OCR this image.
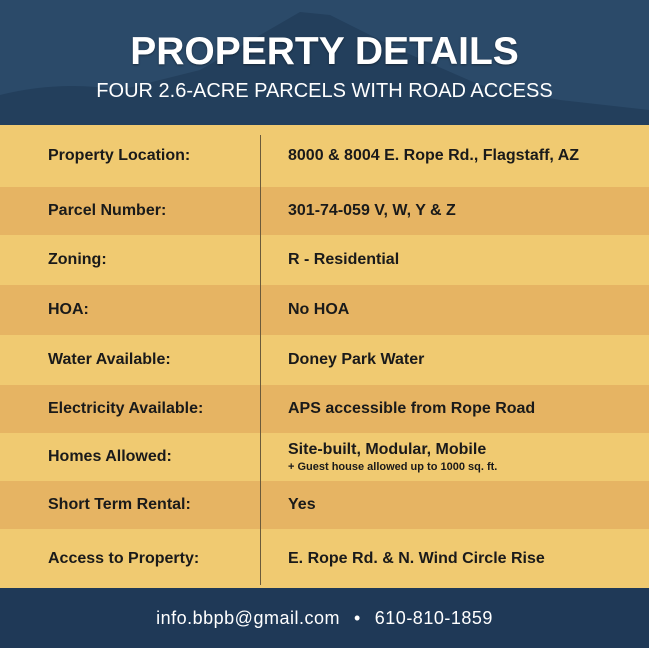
PROPERTY DETAILS
FOUR 2.6-ACRE PARCELS WITH ROAD ACCESS
Property Location:	8000 & 8004 E. Rope Rd., Flagstaff, AZ
Parcel Number:	301-74-059 V, W, Y & Z
Zoning:	R - Residential
HOA:	No HOA
Water Available:	Doney Park Water
Electricity Available:	APS accessible from Rope Road
Homes Allowed:	Site-built, Modular, Mobile
+ Guest house allowed up to 1000 sq. ft.
Short Term Rental:	Yes
Access to Property:	E. Rope Rd. & N. Wind Circle Rise
info.bbpb@gmail.com • 610-810-1859
